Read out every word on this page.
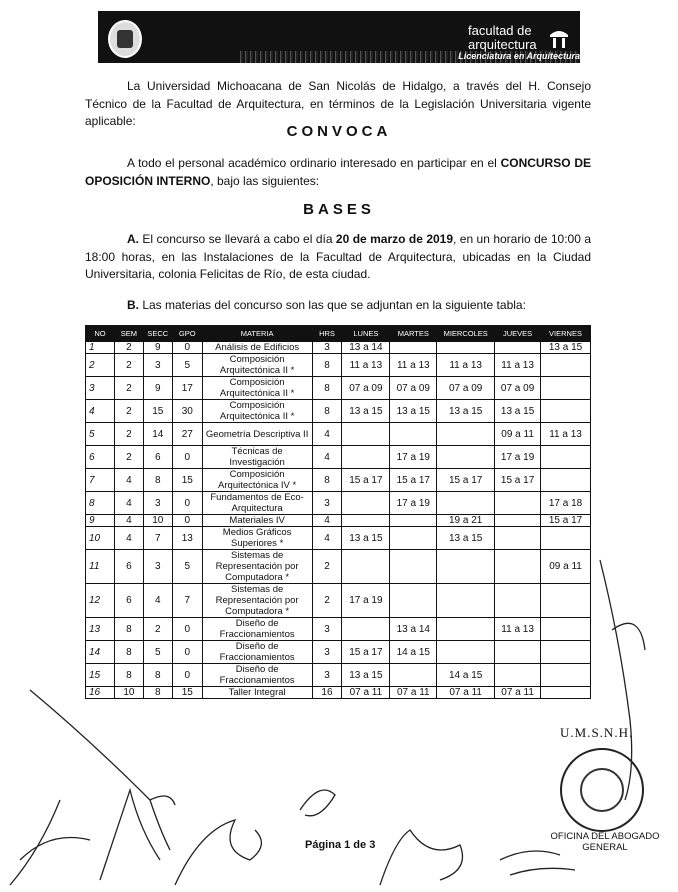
facultad de
arquitectura
Licenciatura en Arquitectura
La Universidad Michoacana de San Nicolás de Hidalgo, a través del H. Consejo Técnico de la Facultad de Arquitectura, en términos de la Legislación Universitaria vigente aplicable:
CONVOCA
A todo el personal académico ordinario interesado en participar en el CONCURSO DE OPOSICIÓN INTERNO, bajo las siguientes:
BASES
A. El concurso se llevará a cabo el día 20 de marzo de 2019, en un horario de 10:00 a 18:00 horas, en las Instalaciones de la Facultad de Arquitectura, ubicadas en la Ciudad Universitaria, colonia Felicitas de Río, de esta ciudad.
B. Las materias del concurso son las que se adjuntan en la siguiente tabla:
NO	SEM	SECC	GPO	MATERIA	HRS	LUNES	MARTES	MIERCOLES	JUEVES	VIERNES
1	2	9	0	Análisis de Edificios	3	13 a 14				13 a 15
2	2	3	5	Composición Arquitectónica II *	8	11 a 13	11 a 13	11 a 13	11 a 13	
3	2	9	17	Composición Arquitectónica II *	8	07 a 09	07 a 09	07 a 09	07 a 09	
4	2	15	30	Composición Arquitectónica II *	8	13 a 15	13 a 15	13 a 15	13 a 15	
5	2	14	27	Geometría Descriptiva II	4				09 a 11	11 a 13
6	2	6	0	Técnicas de Investigación	4		17 a 19		17 a 19	
7	4	8	15	Composición Arquitectónica IV *	8	15 a 17	15 a 17	15 a 17	15 a 17	
8	4	3	0	Fundamentos de Eco-Arquitectura	3		17 a 19			17 a 18
9	4	10	0	Materiales IV	4			19 a 21		15 a 17
10	4	7	13	Medios Gráficos Superiores *	4	13 a 15		13 a 15		
11	6	3	5	Sistemas de Representación por Computadora *	2					09 a 11
12	6	4	7	Sistemas de Representación por Computadora *	2	17 a 19				
13	8	2	0	Diseño de Fraccionamientos	3		13 a 14		11 a 13	
14	8	5	0	Diseño de Fraccionamientos	3	15 a 17	14 a 15			
15	8	8	0	Diseño de Fraccionamientos	3	13 a 15		14 a 15		
16	10	8	15	Taller Integral	16	07 a 11	07 a 11	07 a 11	07 a 11	
Página 1 de 3
U.M.S.N.H.
OFICINA DEL ABOGADO
GENERAL
